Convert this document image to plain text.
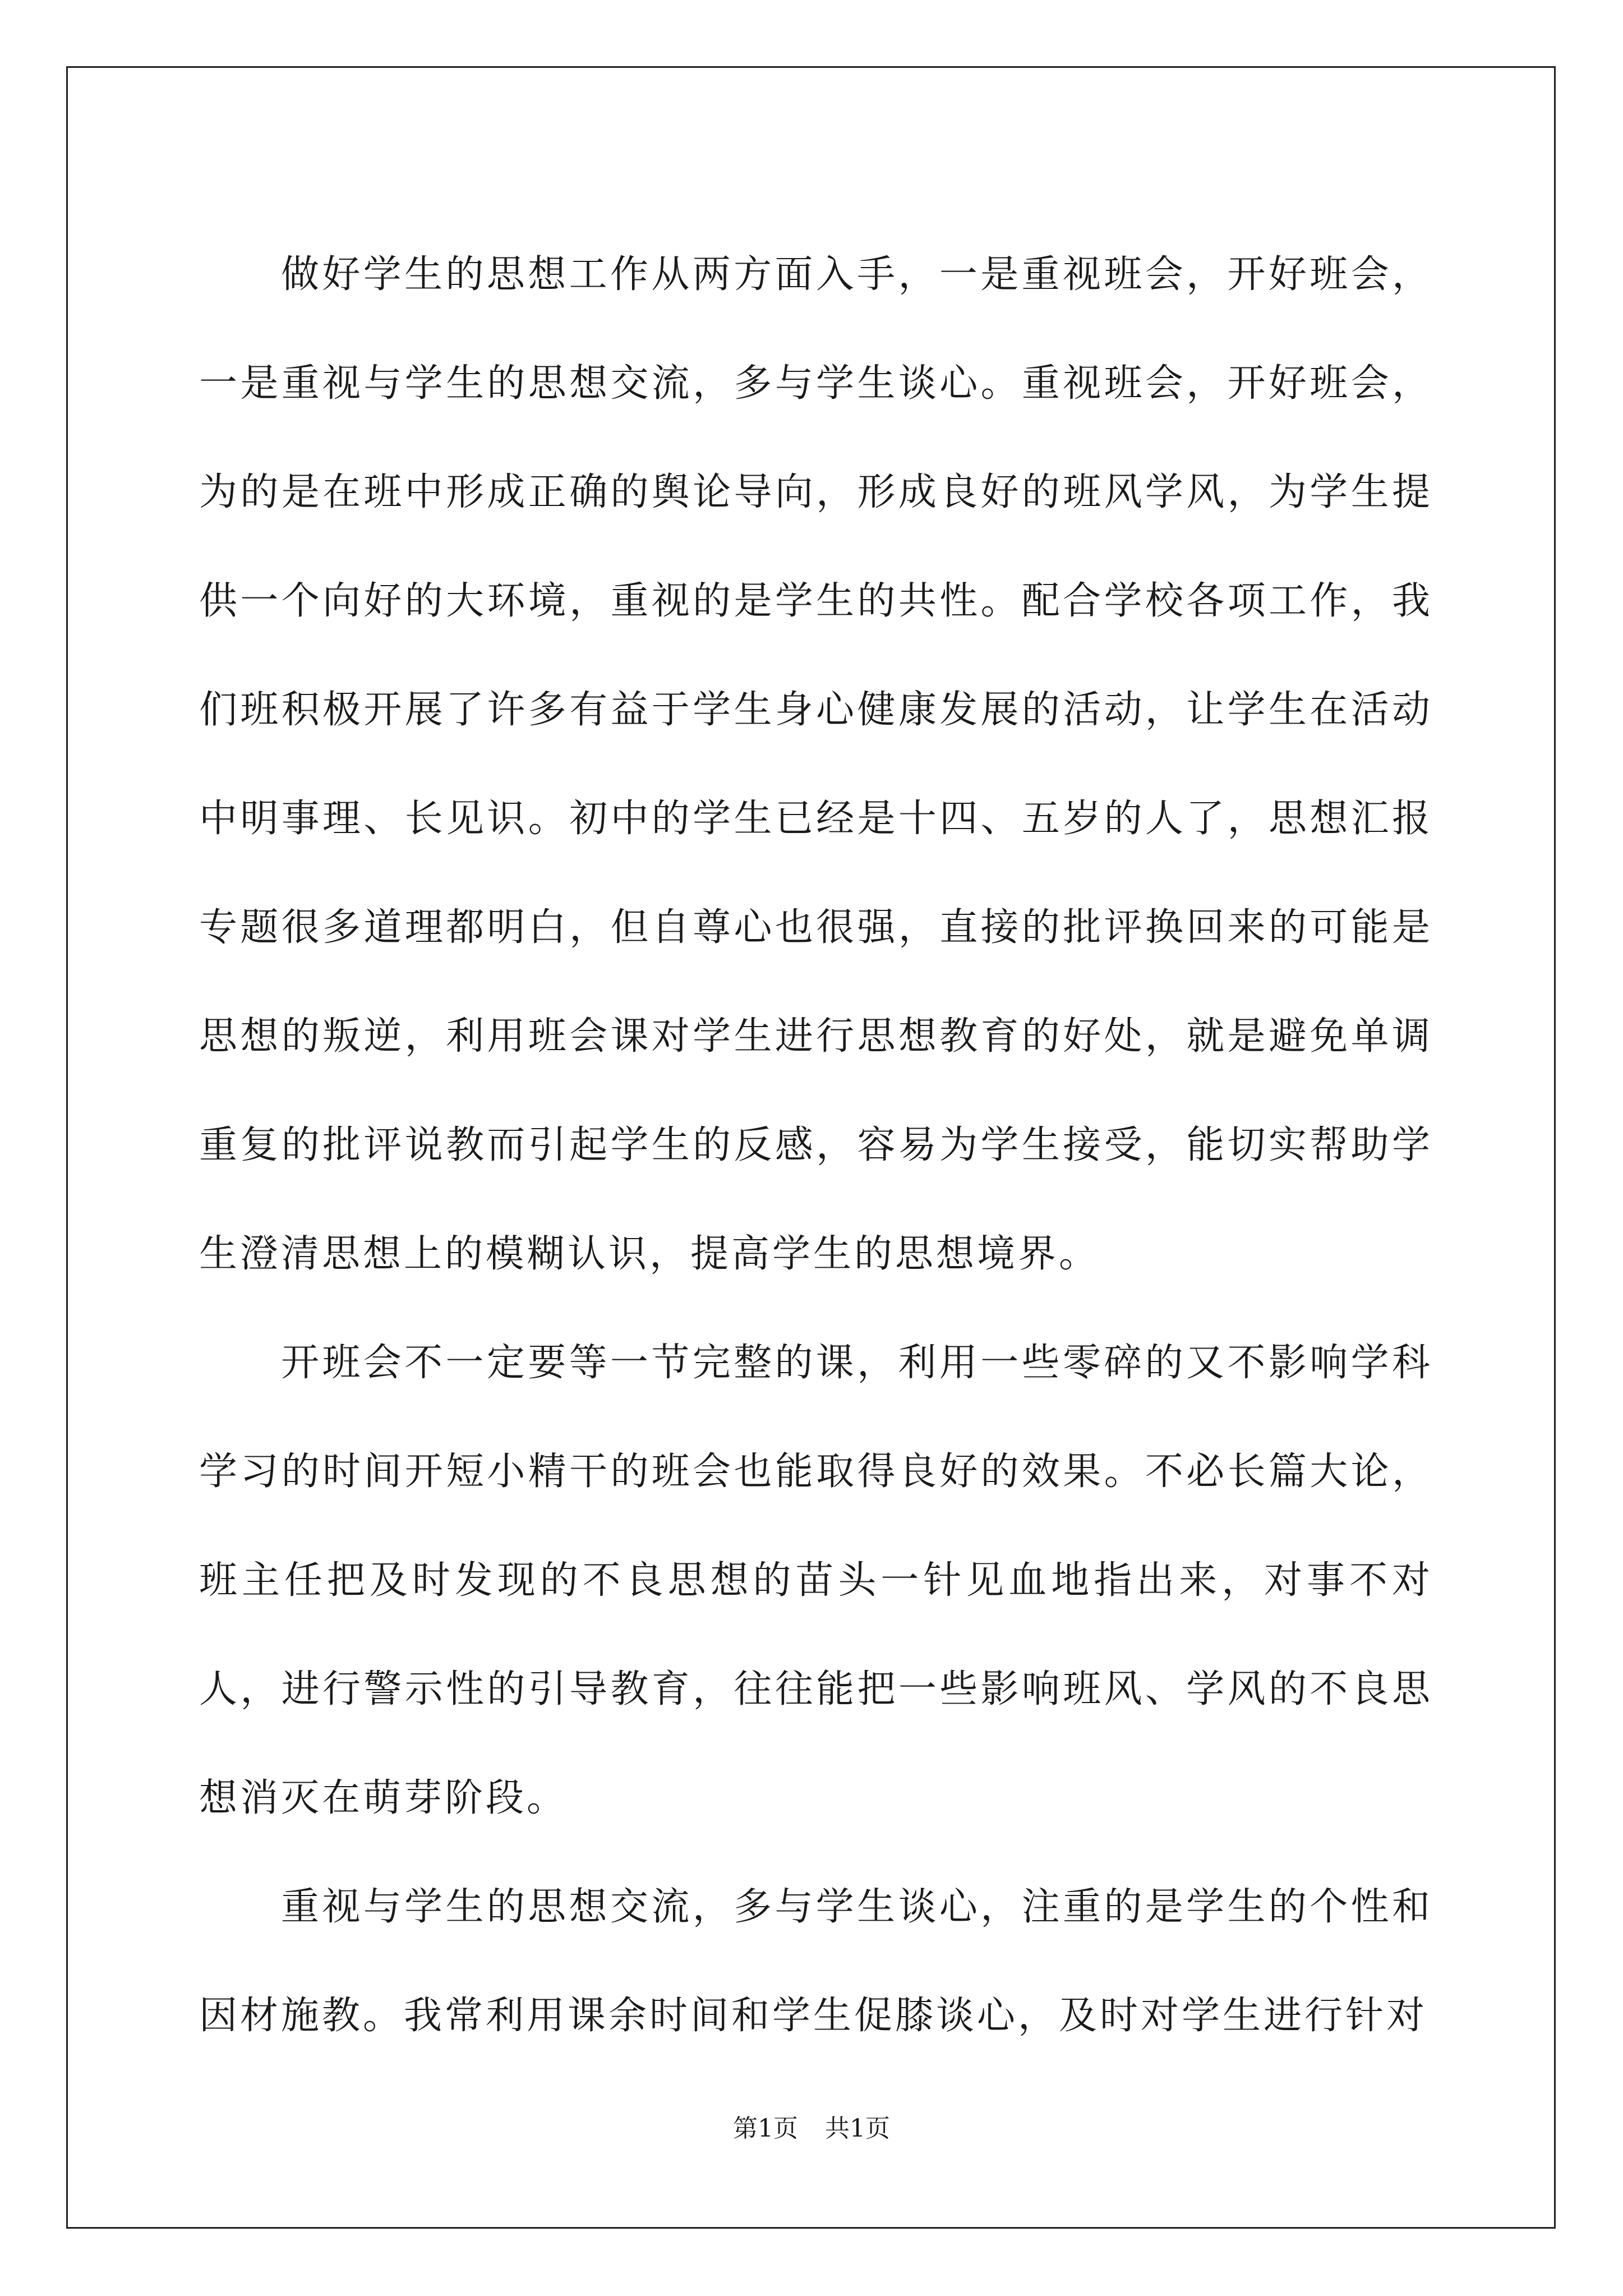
做好学生的思想工作从两方面入手，一是重视班会，开好班会，一是重视与学生的思想交流，多与学生谈心。重视班会，开好班会，为的是在班中形成正确的舆论导向，形成良好的班风学风，为学生提供一个向好的大环境，重视的是学生的共性。配合学校各项工作，我们班积极开展了许多有益于学生身心健康发展的活动，让学生在活动中明事理、长见识。初中的学生已经是十四、五岁的人了，思想汇报专题很多道理都明白，但自尊心也很强，直接的批评换回来的可能是思想的叛逆，利用班会课对学生进行思想教育的好处，就是避免单调重复的批评说教而引起学生的反感，容易为学生接受，能切实帮助学生澄清思想上的模糊认识，提高学生的思想境界。

开班会不一定要等一节完整的课，利用一些零碎的又不影响学科学习的时间开短小精干的班会也能取得良好的效果。不必长篇大论，班主任把及时发现的不良思想的苗头一针见血地指出来，对事不对人，进行警示性的引导教育，往往能把一些影响班风、学风的不良思想消灭在萌芽阶段。

重视与学生的思想交流，多与学生谈心，注重的是学生的个性和因材施教。我常利用课余时间和学生促膝谈心，及时对学生进行针对

第1页 共1页
